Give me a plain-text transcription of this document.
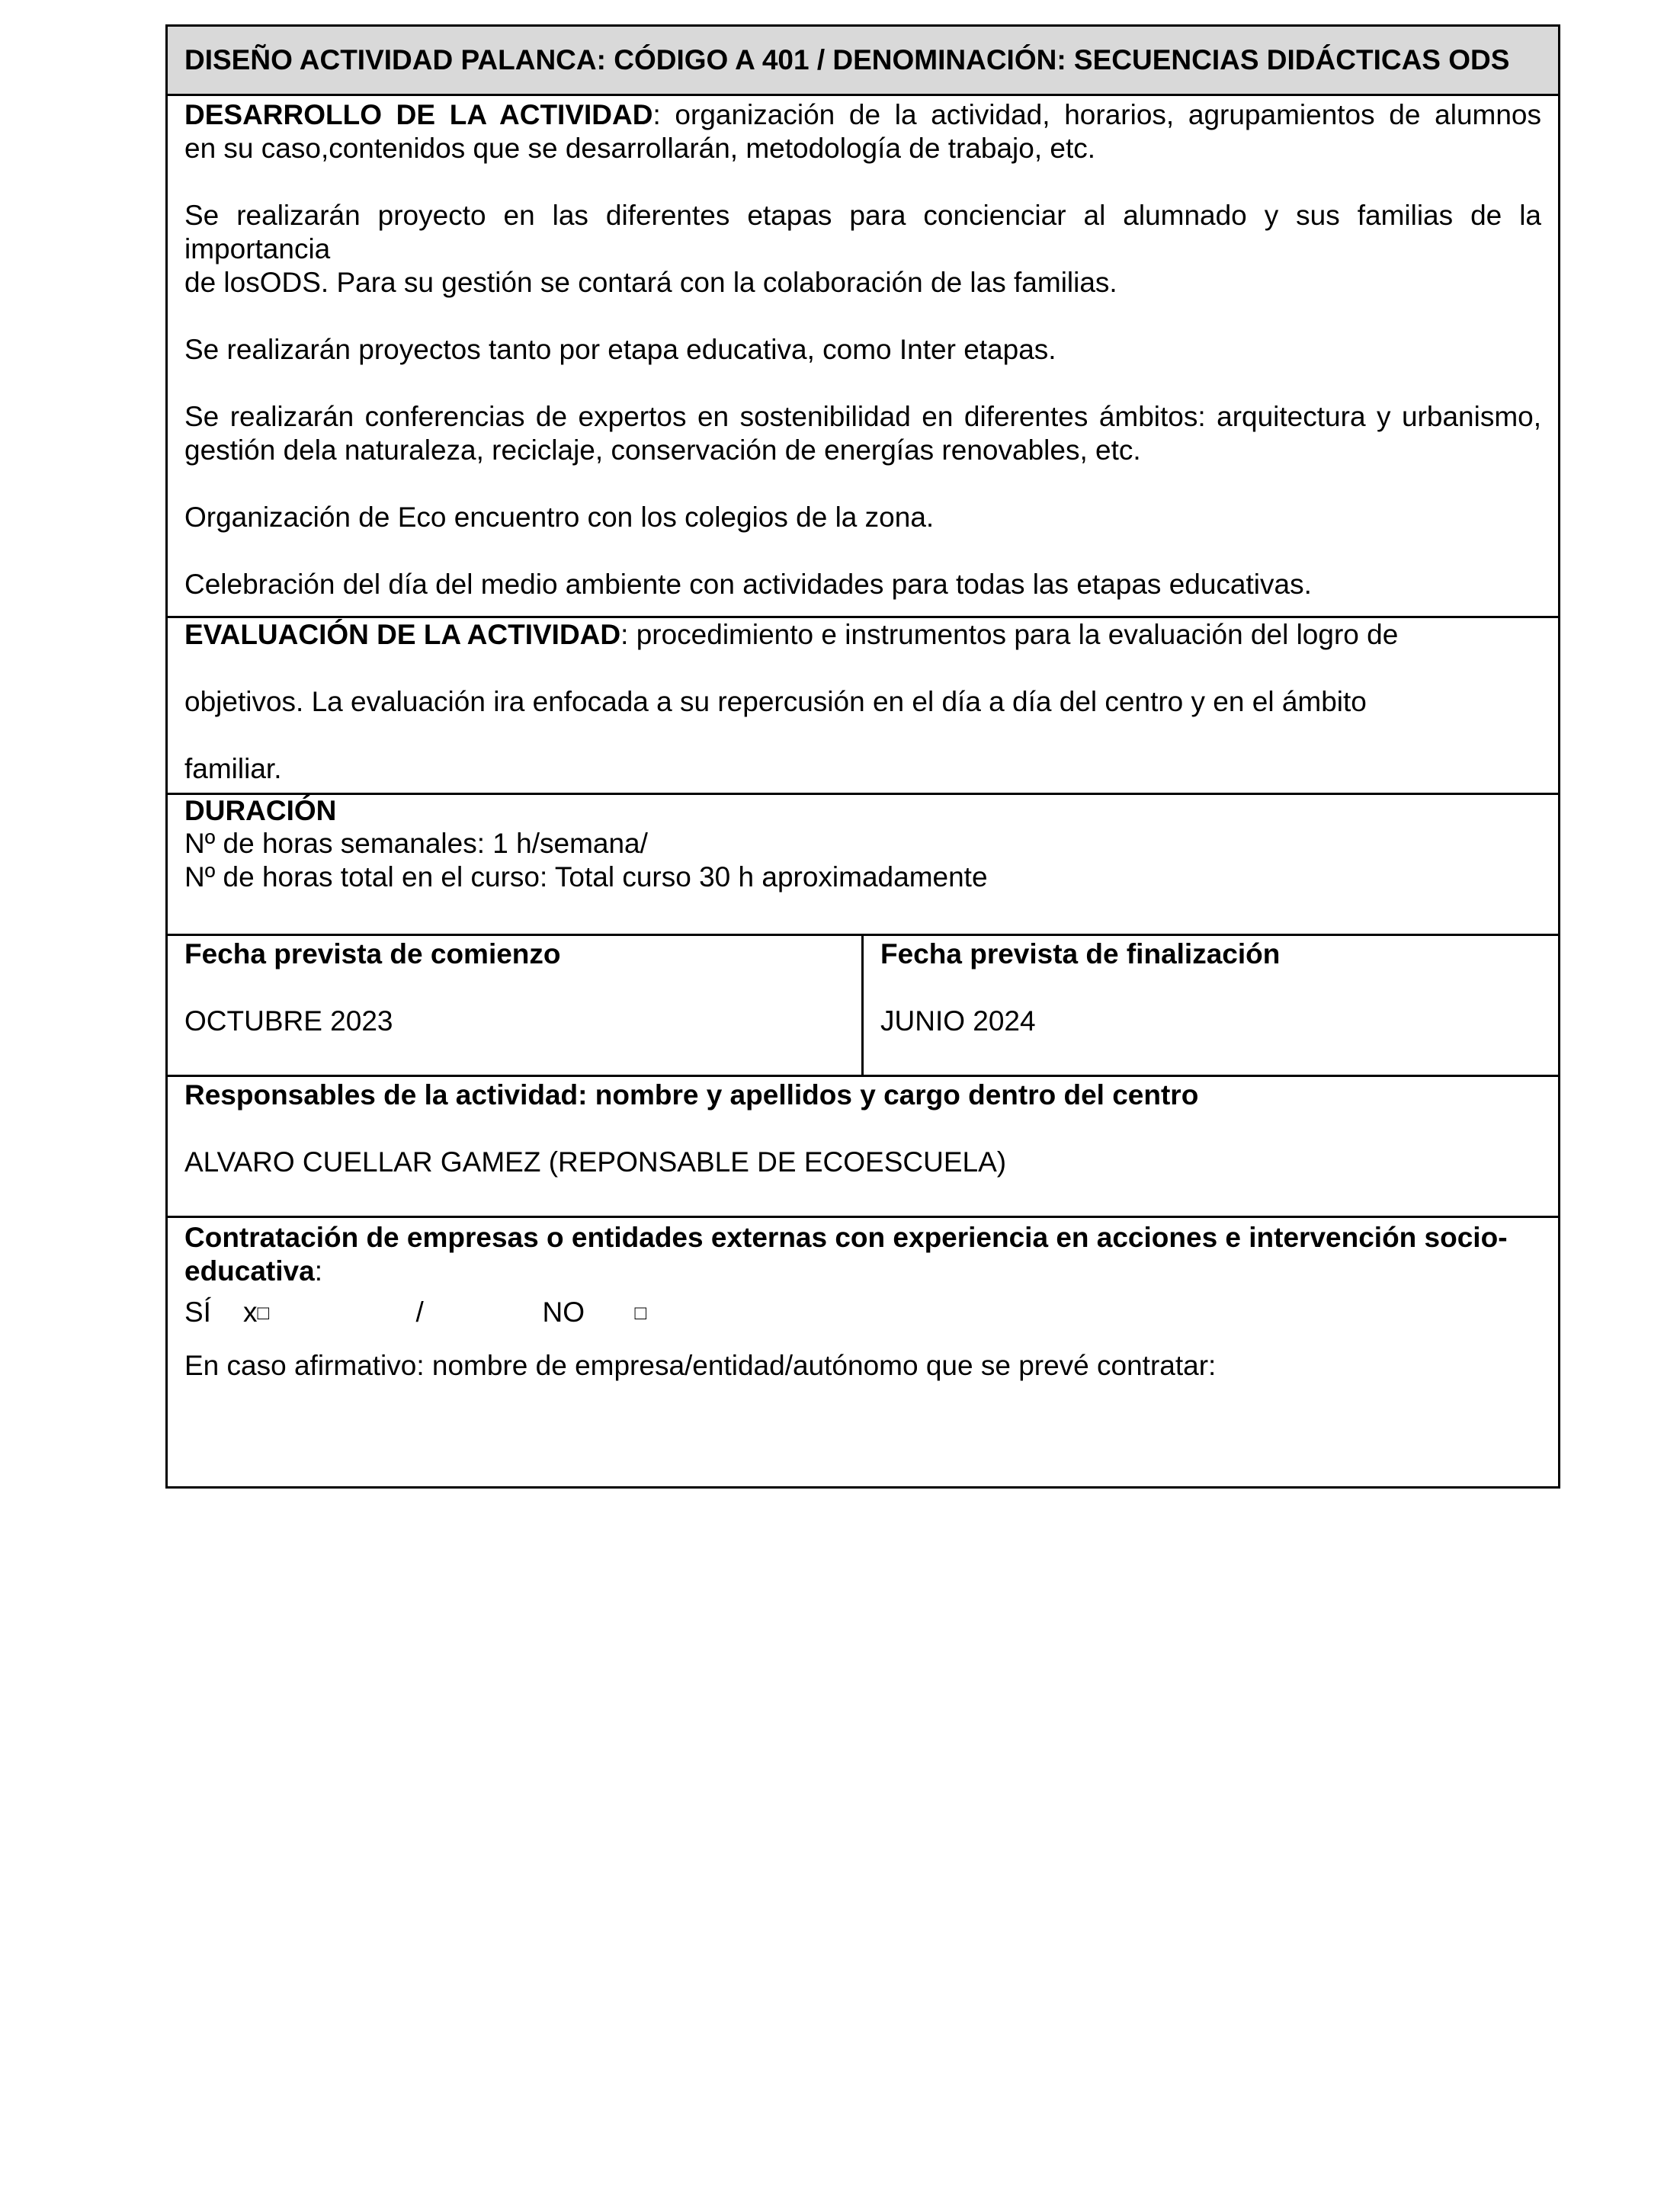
DISEÑO ACTIVIDAD PALANCA: CÓDIGO A 401 / DENOMINACIÓN: SECUENCIAS DIDÁCTICAS ODS

DESARROLLO DE LA ACTIVIDAD: organización de la actividad, horarios, agrupamientos de alumnos

en su caso,contenidos que se desarrollarán, metodología de trabajo, etc.

Se realizarán proyecto en las diferentes etapas para concienciar al alumnado y sus familias de la importancia

de losODS. Para su gestión se contará con la colaboración de las familias.

Se realizarán proyectos tanto por etapa educativa, como Inter etapas.

Se realizarán conferencias de expertos en sostenibilidad en diferentes ámbitos: arquitectura y urbanismo,

gestión dela naturaleza, reciclaje, conservación de energías renovables, etc.

Organización de Eco encuentro con los colegios de la zona.

Celebración del día del medio ambiente con actividades para todas las etapas educativas.

EVALUACIÓN DE LA ACTIVIDAD: procedimiento e instrumentos para la evaluación del logro de

objetivos. La evaluación ira enfocada a su repercusión en el día a día del centro y en el ámbito

familiar.

DURACIÓN

Nº de horas semanales: 1 h/semana/

Nº de horas total en el curso: Total curso 30 h aproximadamente

Fecha prevista de comienzo

OCTUBRE 2023

Fecha prevista de finalización

JUNIO 2024

Responsables de la actividad: nombre y apellidos y cargo dentro del centro

ALVARO CUELLAR GAMEZ (REPONSABLE DE ECOESCUELA)

Contratación de empresas o entidades externas con experiencia en acciones e intervención socio-

educativa:

SÍ	x □	/	NO	□

En caso afirmativo: nombre de empresa/entidad/autónomo que se prevé contratar:
